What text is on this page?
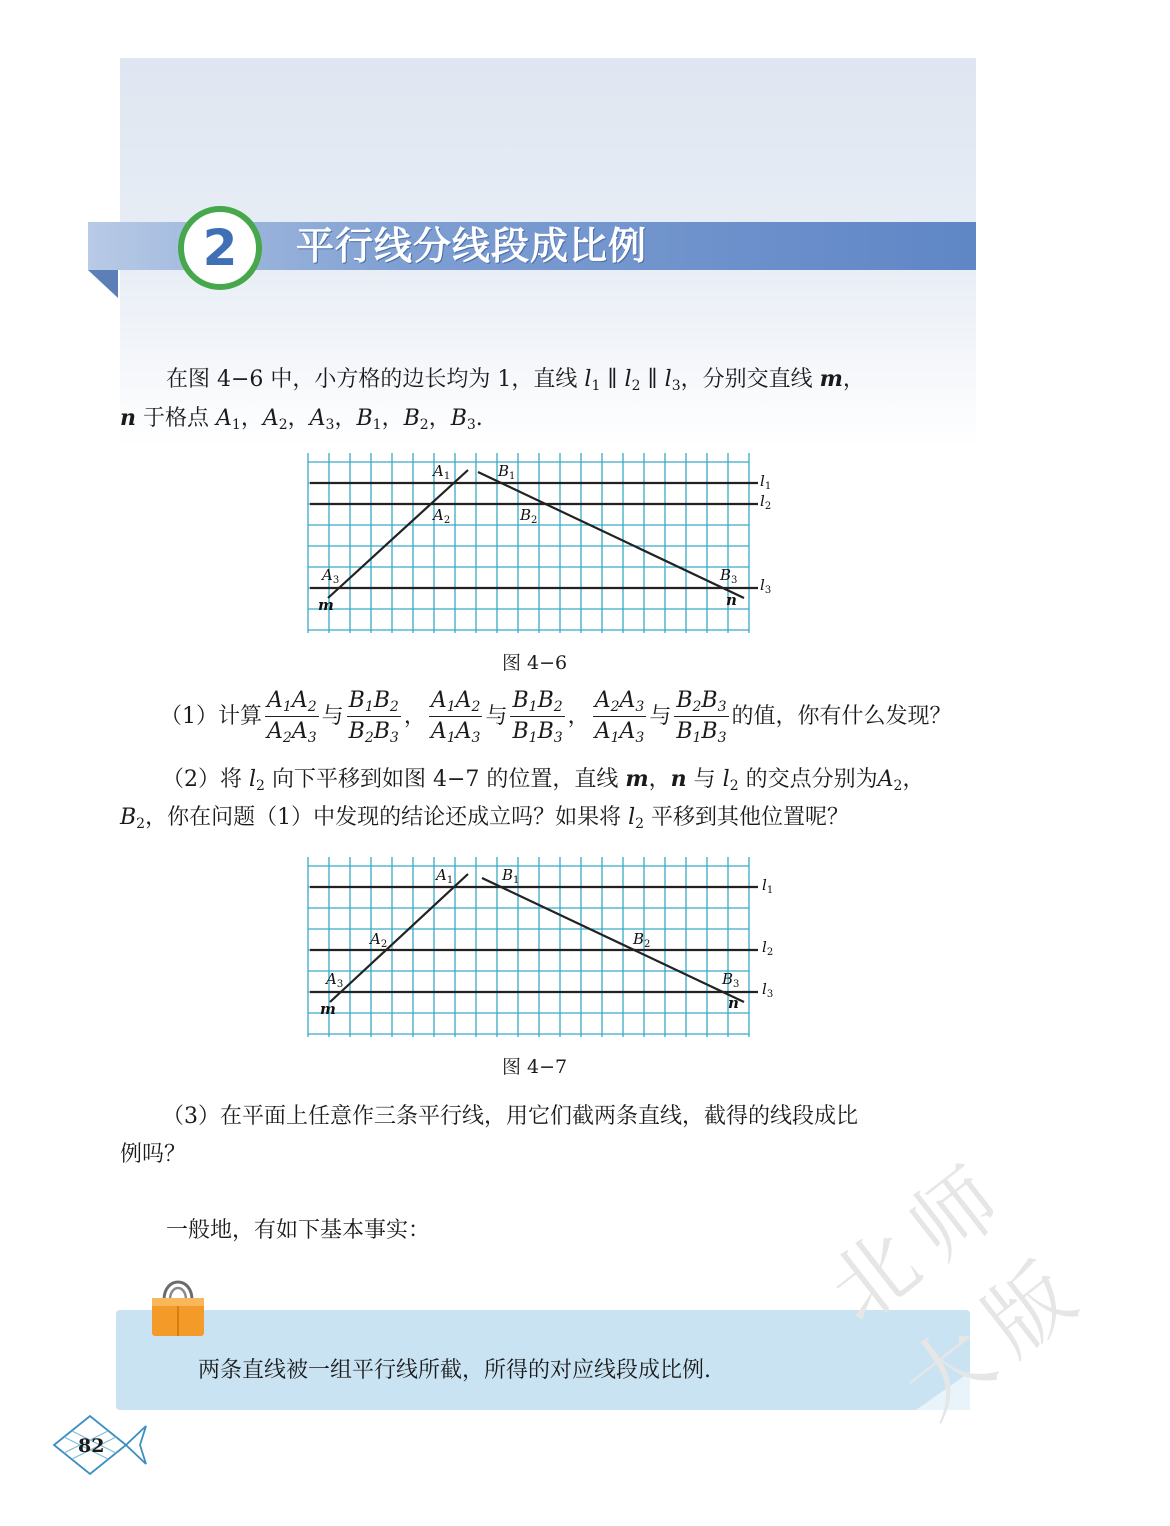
2 平行线分线段成比例
在图 4−6 中，小方格的边长均为 1，直线 $l_1$ ∥ $l_2$ ∥ $l_3$，分别交直线 m，
n 于格点 $A_1$，$A_2$，$A_3$，$B_1$，$B_2$，$B_3$.
$A_1$
$A_2$
$A_3$
$B_1$
$B_2$
$B_3$
$l_1$
$l_2$
$l_3$
m	n
图 4−6
（1）计算 $\frac{A_1A_2}{A_2A_3}$ 与 $\frac{B_1B_2}{B_2B_3}$ ， $\frac{A_1A_2}{A_1A_3}$ 与 $\frac{B_1B_2}{B_1B_3}$ ， $\frac{A_2A_3}{A_1A_3}$ 与 $\frac{B_2B_3}{B_1B_3}$ 的值，你有什么发现？
（2）将 $l_2$ 向下平移到如图 4−7 的位置，直线 m，n 与 $l_2$ 的交点分别为$A_2$，
$B_2$，你在问题（1）中发现的结论还成立吗？如果将 $l_2$ 平移到其他位置呢？
$A_1$
$A_2$
$A_3$
$B_1$
$B_2$
$B_3$
$l_1$
$l_2$
$l_3$
m	n
图 4−7
（3）在平面上任意作三条平行线，用它们截两条直线，截得的线段成比
例吗？
一般地，有如下基本事实：
两条直线被一组平行线所截，所得的对应线段成比例.
82
北师大版
